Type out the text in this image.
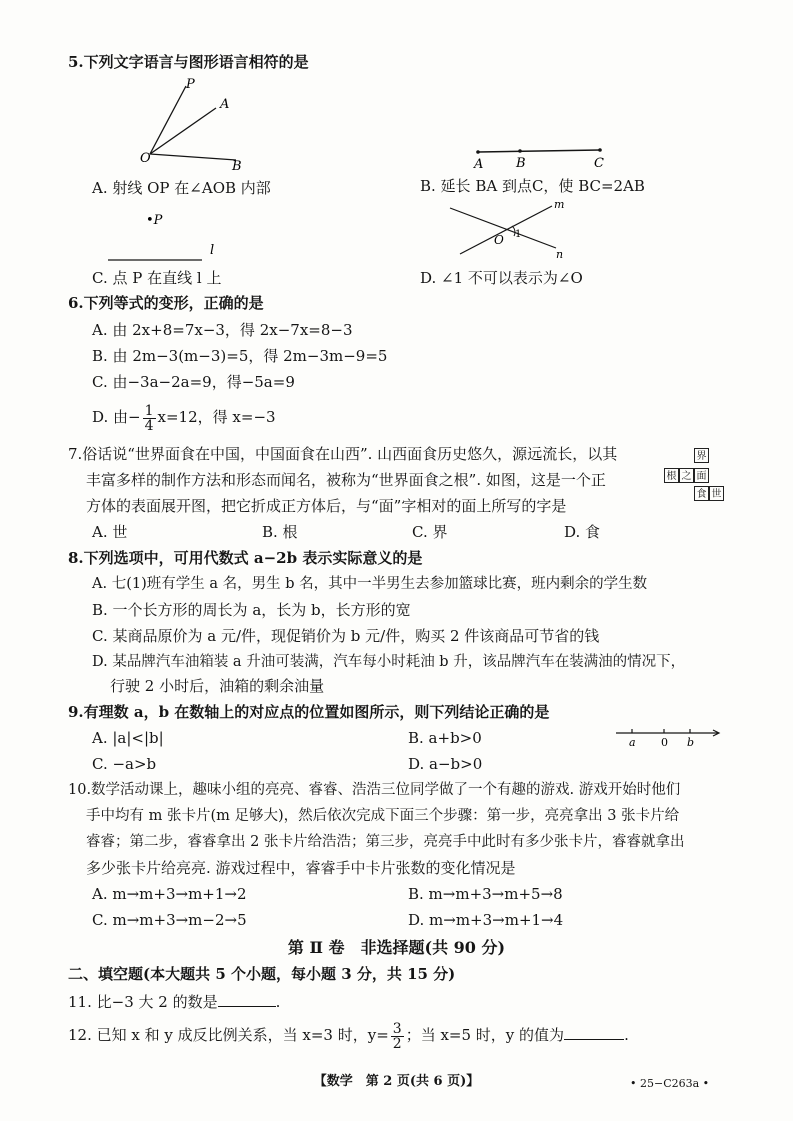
5.下列文字语言与图形语言相符的是
P
A
O
B	A	B	C
A. 射线 OP 在∠AOB 内部	B. 延长 BA 到点C，使 BC=2AB
•P
l
m
O 1
n
C. 点 P 在直线 l 上	D. ∠1 不可以表示为∠O
6.下列等式的变形，正确的是
A. 由 2x+8=7x−3，得 2x−7x=8−3
B. 由 2m−3(m−3)=5，得 2m−3m−9=5
C. 由−3a−2a=9，得−5a=9
D. 由− $\frac{1}{4} x=12$，得 x=−3
7.俗话说“世界面食在中国，中国面食在山西”. 山西面食历史悠久，源远流长，以其
丰富多样的制作方法和形态而闻名，被称为“世界面食之根”. 如图，这是一个正
方体的表面展开图，把它折成正方体后，与“面”字相对的面上所写的字是
界
根 之 面
食 世
A. 世	B. 根	C. 界	D. 食
8.下列选项中，可用代数式 a−2b 表示实际意义的是
A. 七(1)班有学生 a 名，男生 b 名，其中一半男生去参加篮球比赛，班内剩余的学生数
B. 一个长方形的周长为 a，长为 b，长方形的宽
C. 某商品原价为 a 元/件，现促销价为 b 元/件，购买 2 件该商品可节省的钱
D. 某品牌汽车油箱装 a 升油可装满，汽车每小时耗油 b 升，该品牌汽车在装满油的情况下，
行驶 2 小时后，油箱的剩余油量
9.有理数 a，b 在数轴上的对应点的位置如图所示，则下列结论正确的是
A. |a|<|b|	B. a+b>0	a 0 b
C. −a>b	D. a−b>0
10.数学活动课上，趣味小组的亮亮、睿睿、浩浩三位同学做了一个有趣的游戏. 游戏开始时他们
手中均有 m 张卡片(m 足够大)，然后依次完成下面三个步骤：第一步，亮亮拿出 3 张卡片给
睿睿；第二步，睿睿拿出 2 张卡片给浩浩；第三步，亮亮手中此时有多少张卡片，睿睿就拿出
多少张卡片给亮亮. 游戏过程中，睿睿手中卡片张数的变化情况是
A. m→m+3→m+1→2	B. m→m+3→m+5→8
C. m→m+3→m−2→5	D. m→m+3→m+1→4
第 Ⅱ 卷　非选择题(共 90 分)
二、填空题(本大题共 5 个小题，每小题 3 分，共 15 分)
11. 比−3 大 2 的数是	.
12. 已知 x 和 y 成反比例关系，当 x=3 时，$y= \frac{3}{2}$ ；当 x=5 时，y 的值为	.
【数学　第 2 页(共 6 页)】	• 25−C263a •
